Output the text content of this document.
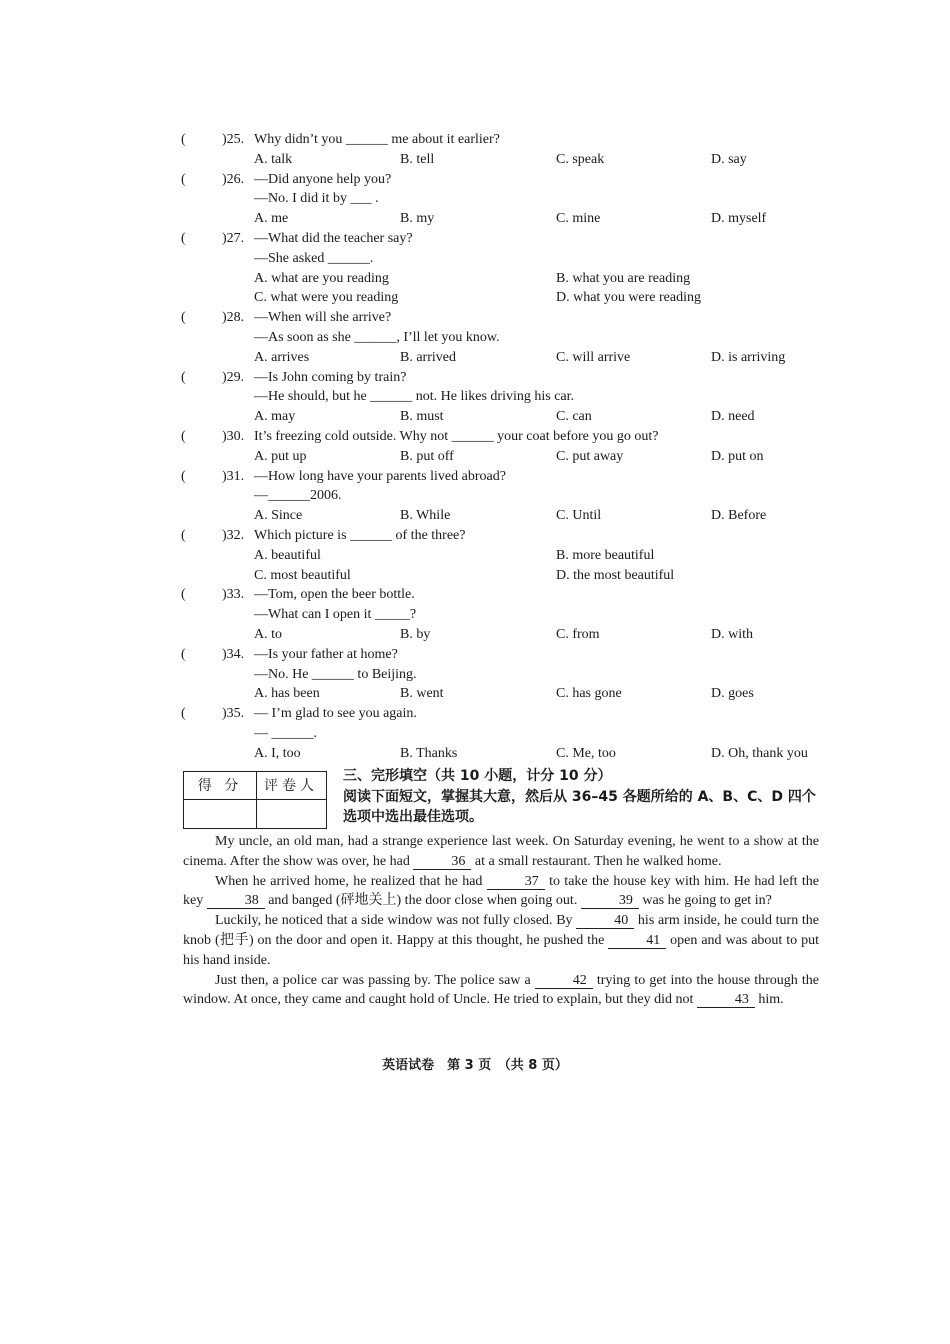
(	)25. Why didn’t you ______ me about it earlier?
A. talk	B. tell	C. speak	D. say
(	)26. —Did anyone help you?
—No. I did it by ___ .
A. me	B. my	C. mine	D. myself
(	)27. —What did the teacher say?
—She asked ______.
A. what are you reading	B. what you are reading
C. what were you reading	D. what you were reading
(	)28. —When will she arrive?
—As soon as she ______, I’ll let you know.
A. arrives	B. arrived	C. will arrive	D. is arriving
(	)29. —Is John coming by train?
—He should, but he ______ not. He likes driving his car.
A. may	B. must	C. can	D. need
(	)30. It’s freezing cold outside. Why not ______ your coat before you go out?
A. put up	B. put off	C. put away	D. put on
(	)31. —How long have your parents lived abroad?
—______2006.
A. Since	B. While	C. Until	D. Before
(	)32. Which picture is ______ of the three?
A. beautiful	B. more beautiful
C. most beautiful	D. the most beautiful
(	)33. —Tom, open the beer bottle.
—What can I open it _____?
A. to	B. by	C. from	D. with
(	)34. —Is your father at home?
—No. He ______ to Beijing.
A. has been	B. went	C. has gone	D. goes
(	)35. — I’m glad to see you again.
— ______.
A. I, too	B. Thanks	C. Me, too	D. Oh, thank you
得 分	评卷人
三、完形填空（共 10 小题，计分 10 分）
阅读下面短文，掌握其大意，然后从 36–45 各题所给的 A、B、C、D 四个
选项中选出最佳选项。

My uncle, an old man, had a strange experience last week. On Saturday evening, he went to a show at the cinema. After the show was over, he had	36 at a small restaurant. Then he walked home.

When he arrived home, he realized that he had	37 to take the house key with him. He had left the key	38 and banged (砰地关上) the door close when going out.	39 was he going to get in?

Luckily, he noticed that a side window was not fully closed. By	40 his arm inside, he could turn the knob (把手) on the door and open it. Happy at this thought, he pushed the	41 open and was about to put his hand inside.

Just then, a police car was passing by. The police saw a	42 trying to get into the house through the window. At once, they came and caught hold of Uncle. He tried to explain, but they did not	43 him.

英语试卷　第 3 页　（共 8 页）
